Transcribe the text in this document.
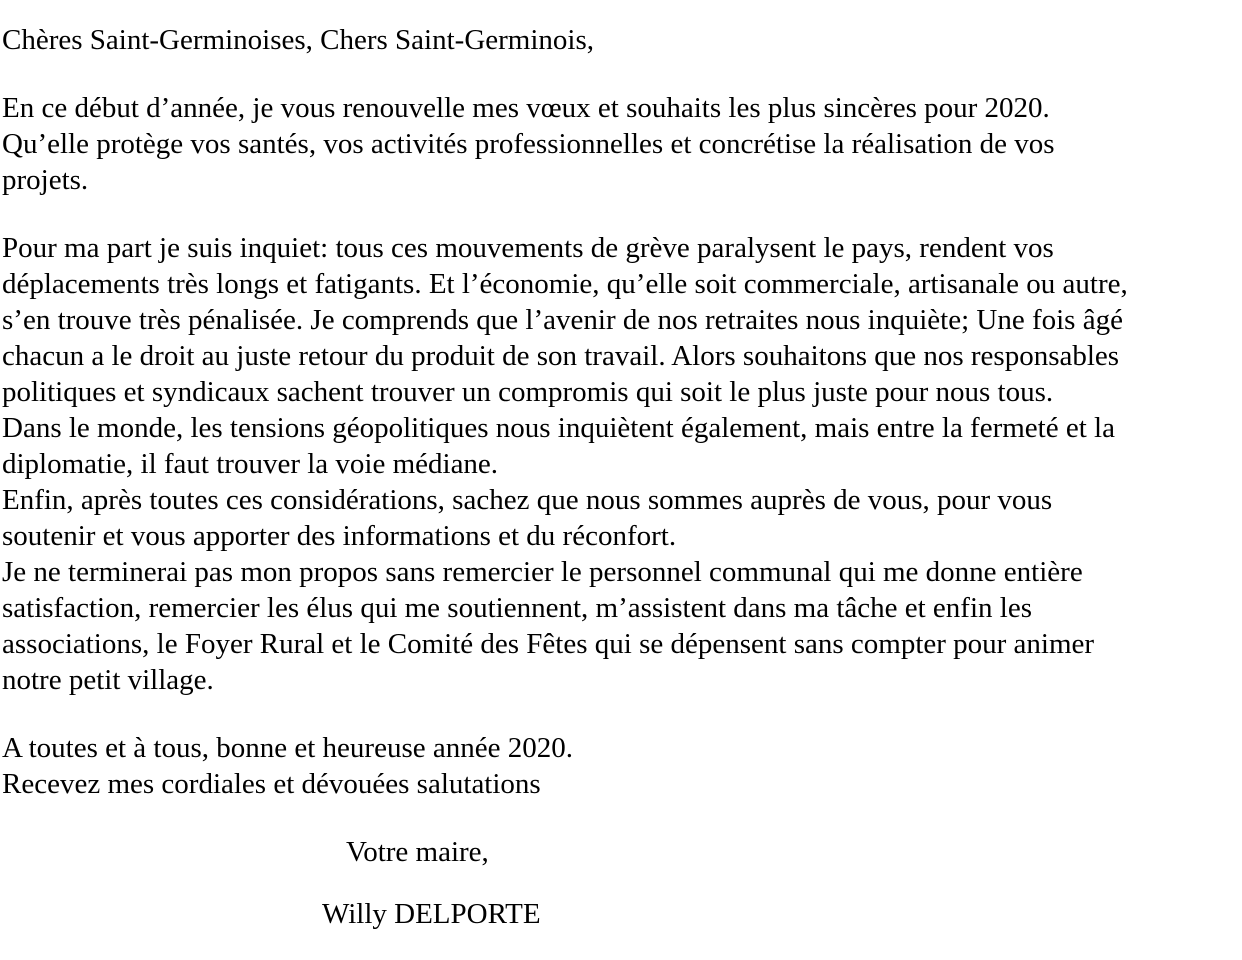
Chères Saint-Germinoises, Chers Saint-Germinois,
En ce début d’année, je vous renouvelle mes vœux et souhaits les plus sincères pour 2020.
Qu’elle protège vos santés, vos activités professionnelles et concrétise la réalisation de vos
projets.
Pour ma part je suis inquiet: tous ces mouvements de grève paralysent le pays, rendent vos
déplacements très longs et fatigants. Et l’économie, qu’elle soit commerciale, artisanale ou autre,
s’en trouve très pénalisée. Je comprends que l’avenir de nos retraites nous inquiète; Une fois âgé
chacun a le droit au juste retour du produit de son travail. Alors souhaitons que nos responsables
politiques et syndicaux sachent trouver un compromis qui soit le plus juste pour nous tous.
Dans le monde, les tensions géopolitiques nous inquiètent également, mais entre la fermeté et la
diplomatie, il faut trouver la voie médiane.
Enfin, après toutes ces considérations, sachez que nous sommes auprès de vous, pour vous
soutenir et vous apporter des informations et du réconfort.
Je ne terminerai pas mon propos sans remercier le personnel communal qui me donne entière
satisfaction, remercier les élus qui me soutiennent, m’assistent dans ma tâche et enfin les
associations, le Foyer Rural et le Comité des Fêtes qui se dépensent sans compter pour animer
notre petit village.
A toutes et à tous, bonne et heureuse année 2020.
Recevez mes cordiales et dévouées salutations
Votre maire,
Willy DELPORTE
